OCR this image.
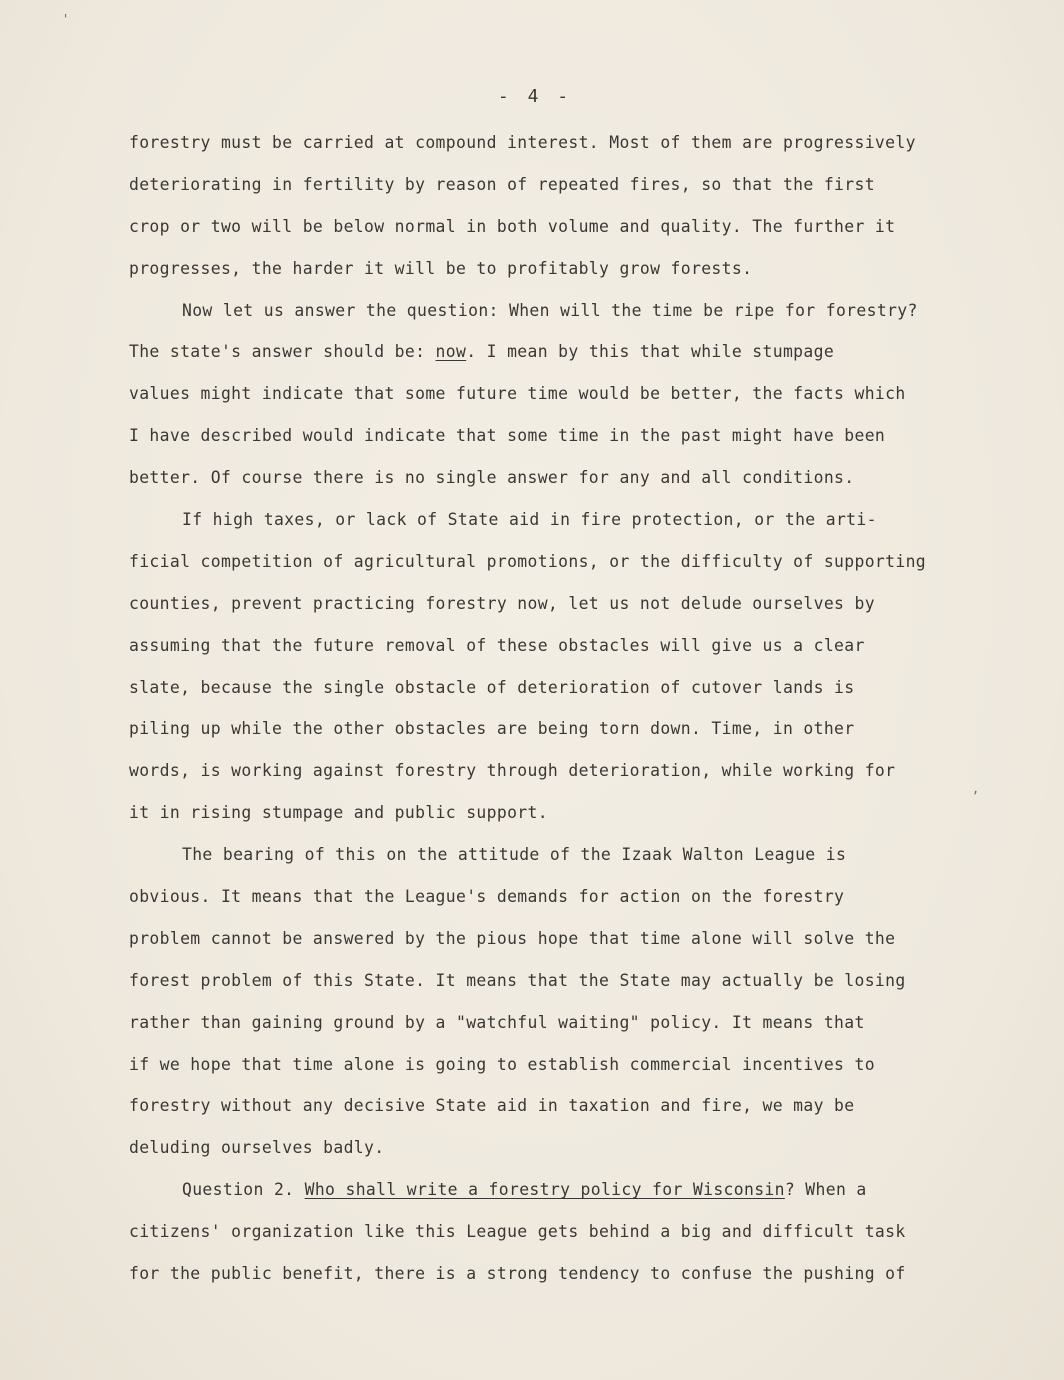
- 4 -
forestry must be carried at compound interest. Most of them are progressively
deteriorating in fertility by reason of repeated fires, so that the first
crop or two will be below normal in both volume and quality. The further it
progresses, the harder it will be to profitably grow forests.
Now let us answer the question: When will the time be ripe for forestry?
The state's answer should be: now. I mean by this that while stumpage
values might indicate that some future time would be better, the facts which
I have described would indicate that some time in the past might have been
better. Of course there is no single answer for any and all conditions.
If high taxes, or lack of State aid in fire protection, or the arti-
ficial competition of agricultural promotions, or the difficulty of supporting
counties, prevent practicing forestry now, let us not delude ourselves by
assuming that the future removal of these obstacles will give us a clear
slate, because the single obstacle of deterioration of cutover lands is
piling up while the other obstacles are being torn down. Time, in other
words, is working against forestry through deterioration, while working for
it in rising stumpage and public support.
The bearing of this on the attitude of the Izaak Walton League is
obvious. It means that the League's demands for action on the forestry
problem cannot be answered by the pious hope that time alone will solve the
forest problem of this State. It means that the State may actually be losing
rather than gaining ground by a "watchful waiting" policy. It means that
if we hope that time alone is going to establish commercial incentives to
forestry without any decisive State aid in taxation and fire, we may be
deluding ourselves badly.
Question 2. Who shall write a forestry policy for Wisconsin? When a
citizens' organization like this League gets behind a big and difficult task
for the public benefit, there is a strong tendency to confuse the pushing of
'
,
